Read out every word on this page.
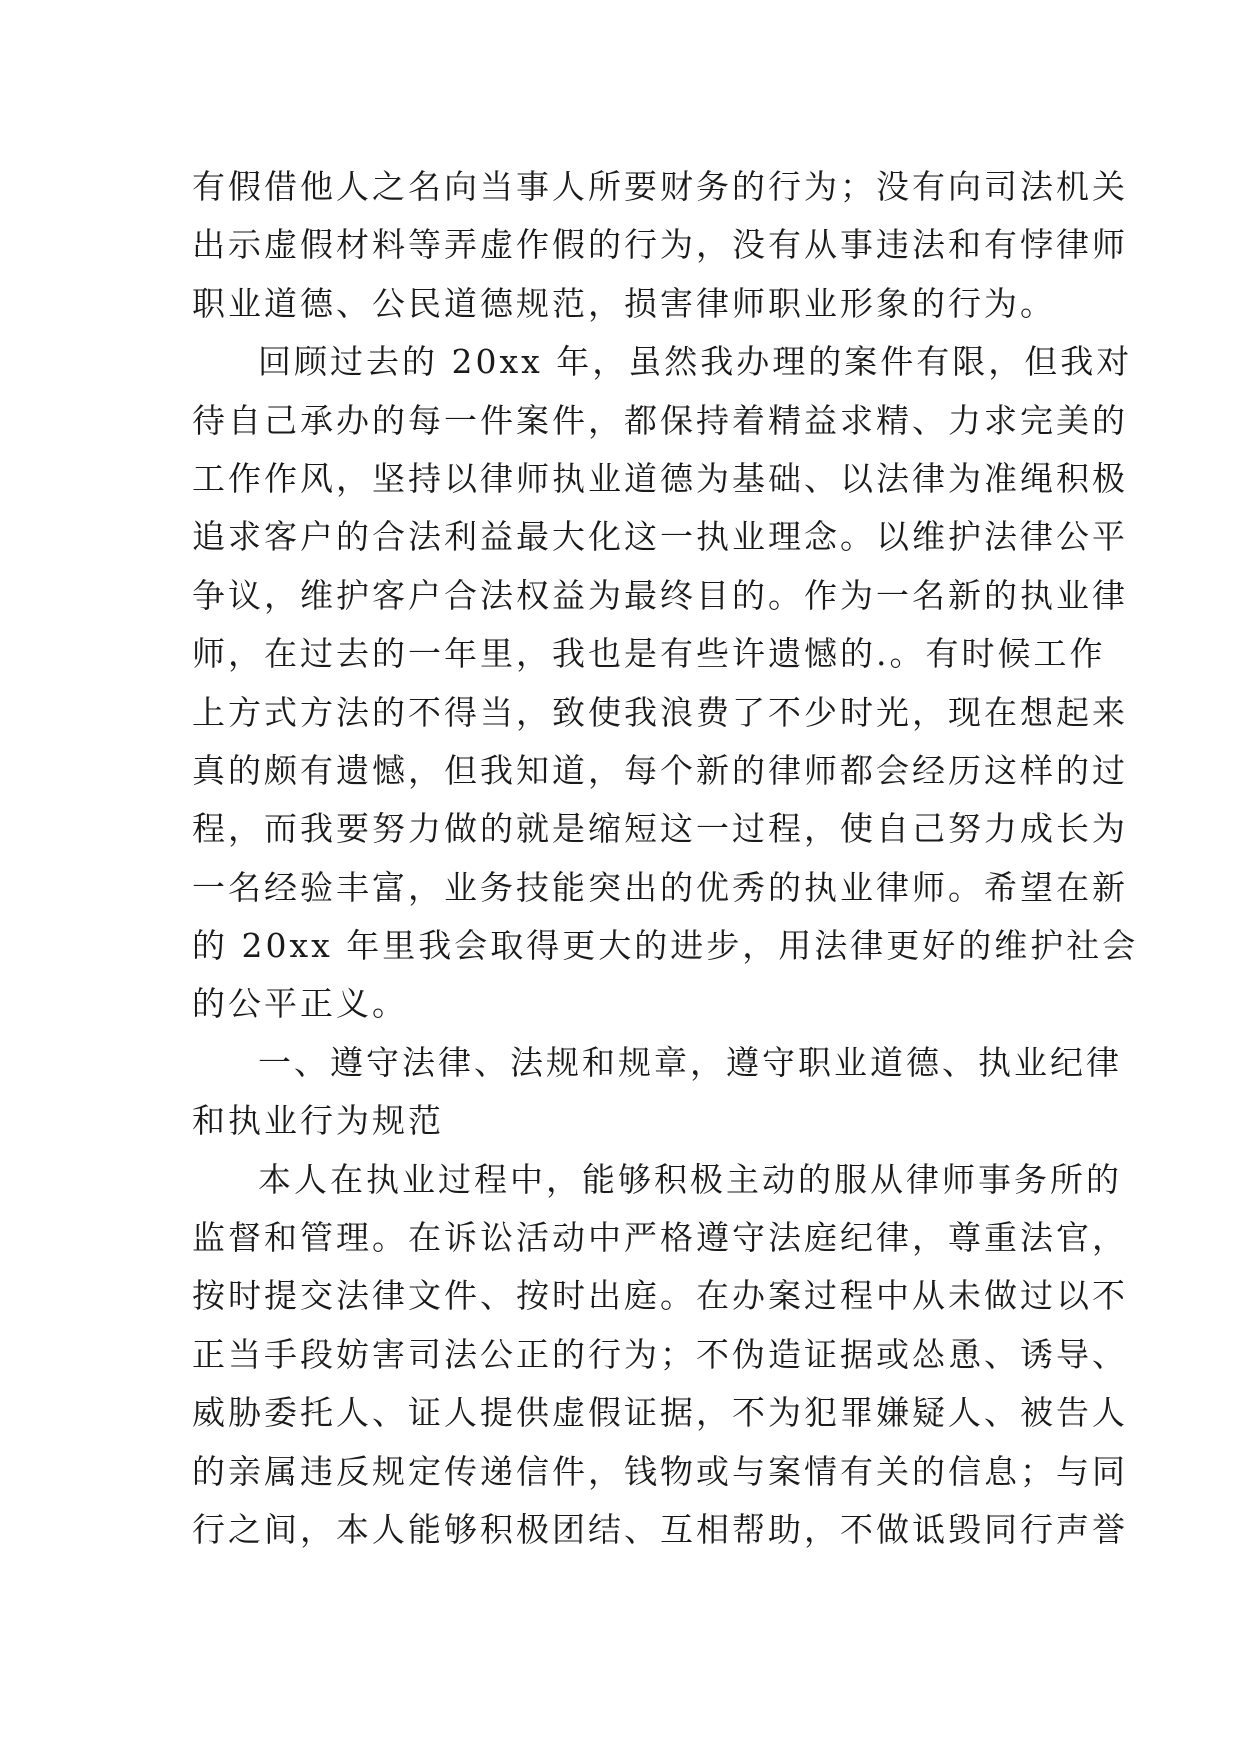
有假借他人之名向当事人所要财务的行为；没有向司法机关
出示虚假材料等弄虚作假的行为，没有从事违法和有悖律师
职业道德、公民道德规范，损害律师职业形象的行为。
回顾过去的 20xx 年，虽然我办理的案件有限，但我对
待自己承办的每一件案件，都保持着精益求精、力求完美的
工作作风，坚持以律师执业道德为基础、以法律为准绳积极
追求客户的合法利益最大化这一执业理念。以维护法律公平
争议，维护客户合法权益为最终目的。作为一名新的执业律
师，在过去的一年里，我也是有些许遗憾的.。有时候工作
上方式方法的不得当，致使我浪费了不少时光，现在想起来
真的颇有遗憾，但我知道，每个新的律师都会经历这样的过
程，而我要努力做的就是缩短这一过程，使自己努力成长为
一名经验丰富，业务技能突出的优秀的执业律师。希望在新
的 20xx 年里我会取得更大的进步，用法律更好的维护社会
的公平正义。
一、遵守法律、法规和规章，遵守职业道德、执业纪律
和执业行为规范
本人在执业过程中，能够积极主动的服从律师事务所的
监督和管理。在诉讼活动中严格遵守法庭纪律，尊重法官，
按时提交法律文件、按时出庭。在办案过程中从未做过以不
正当手段妨害司法公正的行为；不伪造证据或怂恿、诱导、
威胁委托人、证人提供虚假证据，不为犯罪嫌疑人、被告人
的亲属违反规定传递信件，钱物或与案情有关的信息；与同
行之间，本人能够积极团结、互相帮助，不做诋毁同行声誉
